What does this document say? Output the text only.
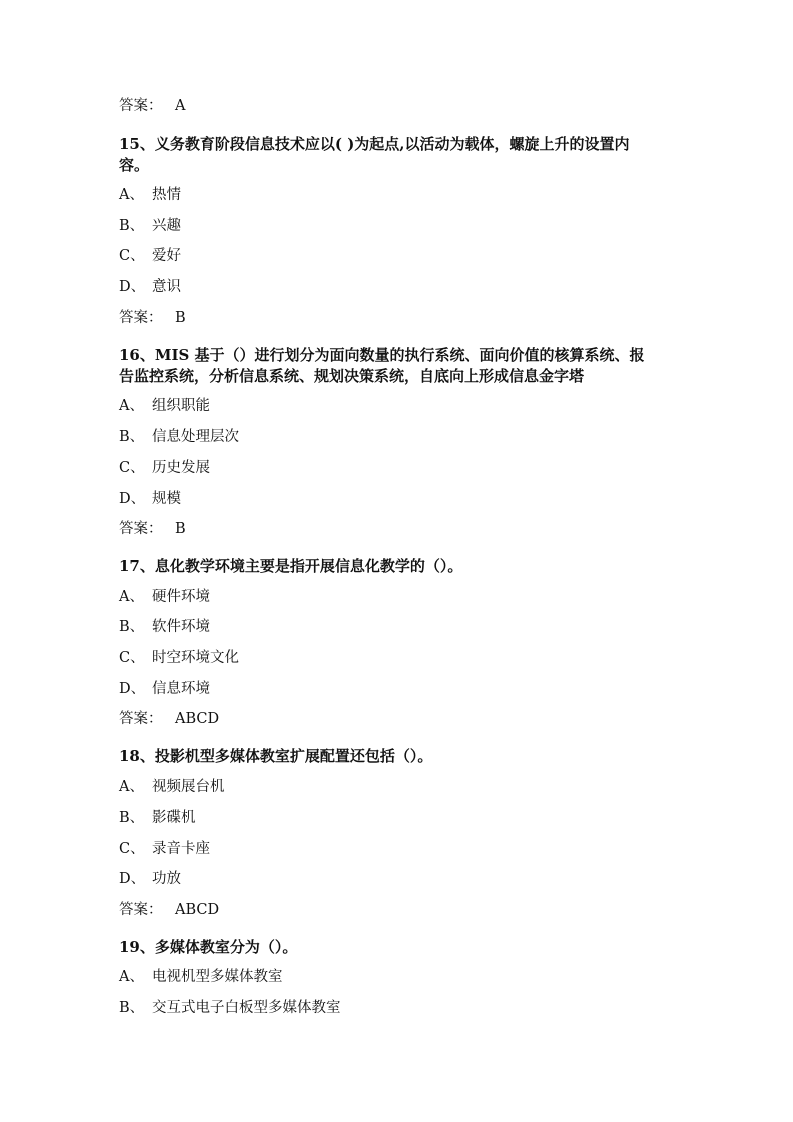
答案： A
15、义务教育阶段信息技术应以( )为起点,以活动为载体，螺旋上升的设置内
容。
A、 热情
B、 兴趣
C、 爱好
D、 意识
答案： B
16、MIS 基于（）进行划分为面向数量的执行系统、面向价值的核算系统、报
告监控系统，分析信息系统、规划决策系统，自底向上形成信息金字塔
A、 组织职能
B、 信息处理层次
C、 历史发展
D、 规模
答案： B
17、息化教学环境主要是指开展信息化教学的（）。
A、 硬件环境
B、 软件环境
C、 时空环境文化
D、 信息环境
答案： ABCD
18、投影机型多媒体教室扩展配置还包括（）。
A、 视频展台机
B、 影碟机
C、 录音卡座
D、 功放
答案： ABCD
19、多媒体教室分为（）。
A、 电视机型多媒体教室
B、 交互式电子白板型多媒体教室
